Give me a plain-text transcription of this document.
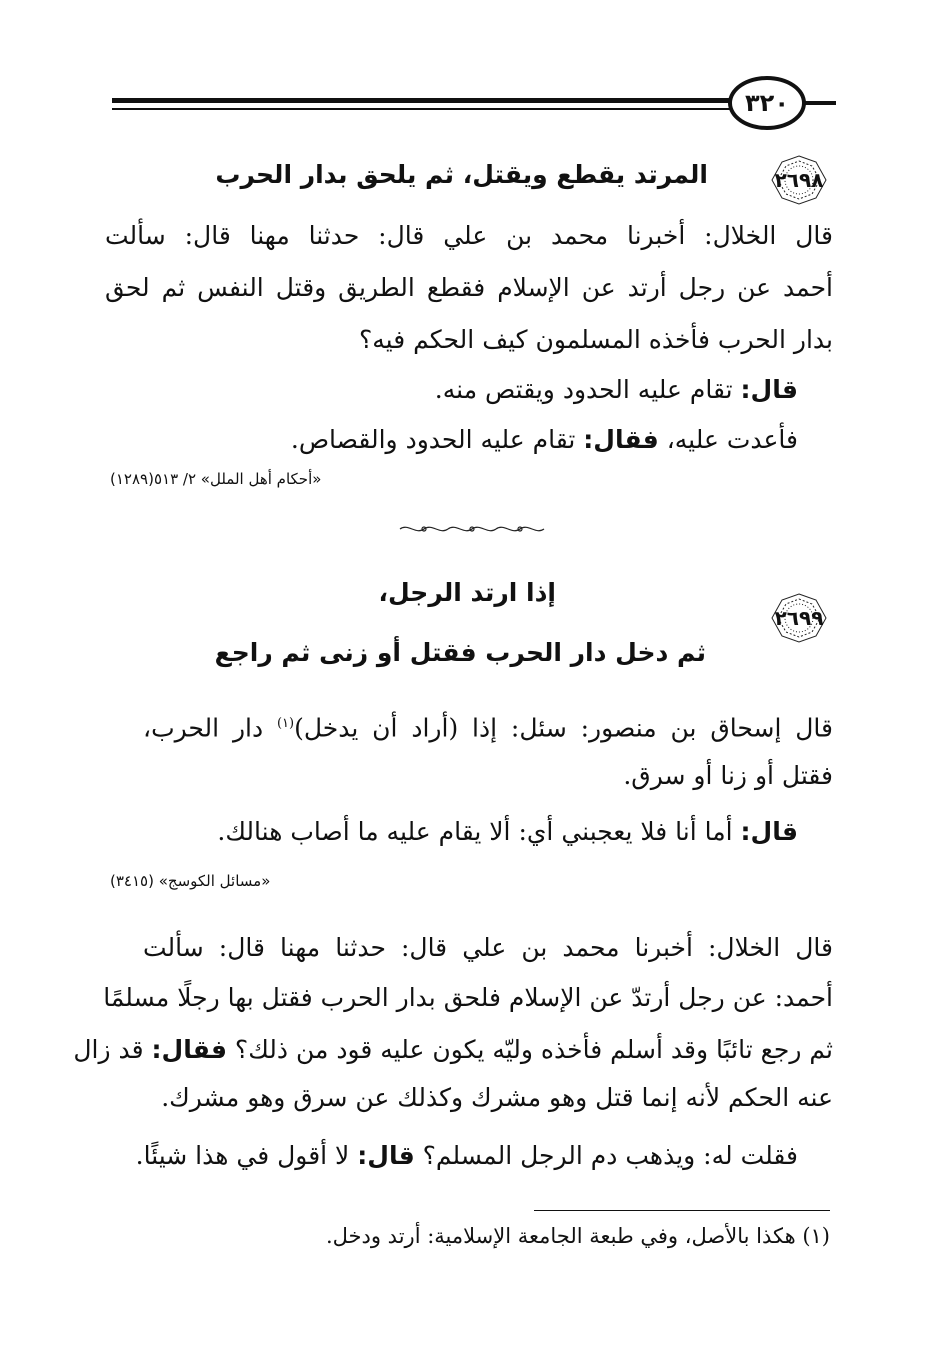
٣٢٠
٢٦٩٨
المرتد يقطع ويقتل، ثم يلحق بدار الحرب
قال الخلال: أخبرنا محمد بن علي قال: حدثنا مهنا قال: سألت
أحمد عن رجل أرتد عن الإسلام فقطع الطريق وقتل النفس ثم لحق
بدار الحرب فأخذه المسلمون كيف الحكم فيه؟
قال: تقام عليه الحدود ويقتص منه.
فأعدت عليه، فقال: تقام عليه الحدود والقصاص.
«أحكام أهل الملل» ٢/ ٥١٣(١٢٨٩)
٢٦٩٩
إذا ارتد الرجل،
ثم دخل دار الحرب فقتل أو زنى ثم راجع
قال إسحاق بن منصور: سئل: إذا (أراد أن يدخل)$^{(١)}$ دار الحرب،
فقتل أو زنا أو سرق.
قال: أما أنا فلا يعجبني أي: ألا يقام عليه ما أصاب هنالك.
«مسائل الكوسج» (٣٤١٥)
قال الخلال: أخبرنا محمد بن علي قال: حدثنا مهنا قال: سألت
أحمد: عن رجل أرتدّ عن الإسلام فلحق بدار الحرب فقتل بها رجلًا مسلمًا
ثم رجع تائبًا وقد أسلم فأخذه وليّه يكون عليه قود من ذلك؟ فقال: قد زال
عنه الحكم لأنه إنما قتل وهو مشرك وكذلك عن سرق وهو مشرك.
فقلت له: ويذهب دم الرجل المسلم؟ قال: لا أقول في هذا شيئًا.
(١) هكذا بالأصل، وفي طبعة الجامعة الإسلامية: أرتد ودخل.
